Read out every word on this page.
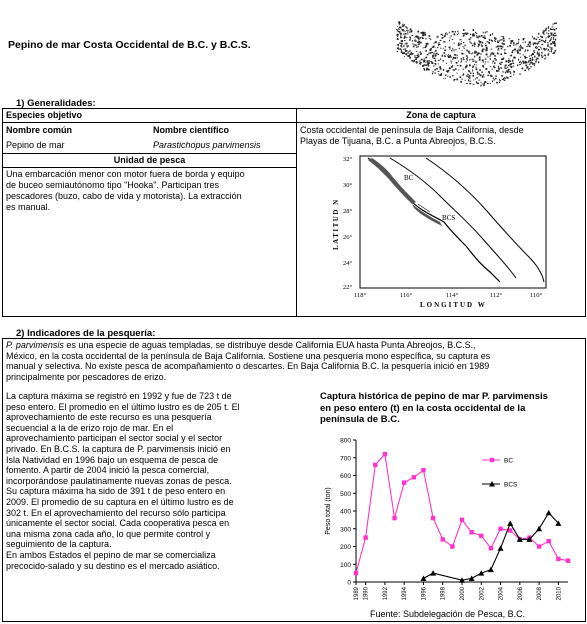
Pepino de mar Costa Occidental de B.C. y B.C.S.
1) Generalidades:
Especies objetivo
Nombre común	Nombre científico
Pepino de mar	Parastichopus parvimensis
Unidad de pesca
Una embarcación menor con motor fuera de borda y equipo
de buceo semiautónomo tipo "Hooka". Participan tres
pescadores (buzo, cabo de vida y motorista). La extracción
es manual.
Zona de captura
Costa occidental de península de Baja California, desde
Playas de Tijuana, B.C. a Punta Abreojos, B.C.S.
BC
BCS
32°
30°
28°
26°
24°
22°
118°	116°	114°	112°	110°
LATITUD N
LONGITUD W
2) Indicadores de la pesquería:
P. parvimensis es una especie de aguas templadas, se distribuye desde California EUA hasta Punta Abreojos, B.C.S.,
México, en la costa occidental de la península de Baja California. Sostiene una pesquería mono específica, su captura es
manual y selectiva. No existe pesca de acompañamiento o descartes. En Baja California B.C. la pesquería inició en 1989
principalmente por pescadores de erizo.
La captura máxima se registró en 1992 y fue de 723 t de
peso entero. El promedio en el último lustro es de 205 t. El
aprovechamiento de este recurso es una pesquería
secuencial a la de erizo rojo de mar. En el
aprovechamiento participan el sector social y el sector
privado. En B.C.S. la captura de P. parvimensis inició en
Isla Natividad en 1996 bajo un esquema de pesca de
fomento. A partir de 2004 inició la pesca comercial,
incorporándose paulatinamente nuevas zonas de pesca.
Su captura máxima ha sido de 391 t de peso entero en
2009. El promedio de su captura en el último lustro es de
302 t. En el aprovechamiento del recurso sólo participa
únicamente el sector social. Cada cooperativa pesca en
una misma zona cada año, lo que permite control y
seguimiento de la captura.
En ambos Estados el pepino de mar se comercializa
precocido-salado y su destino es el mercado asiático.
Captura histórica de pepino de mar P. parvimensis
en peso entero (t) en la costa occidental de la
península de B.C.
0
100
200
300
400
500
600
700
800
1989 1990 1992 1994 1996 1998 2000 2002 2004 2006 2008 2010
Peso total (ton)
BC
BCS
Fuente: Subdelegación de Pesca, B.C.
